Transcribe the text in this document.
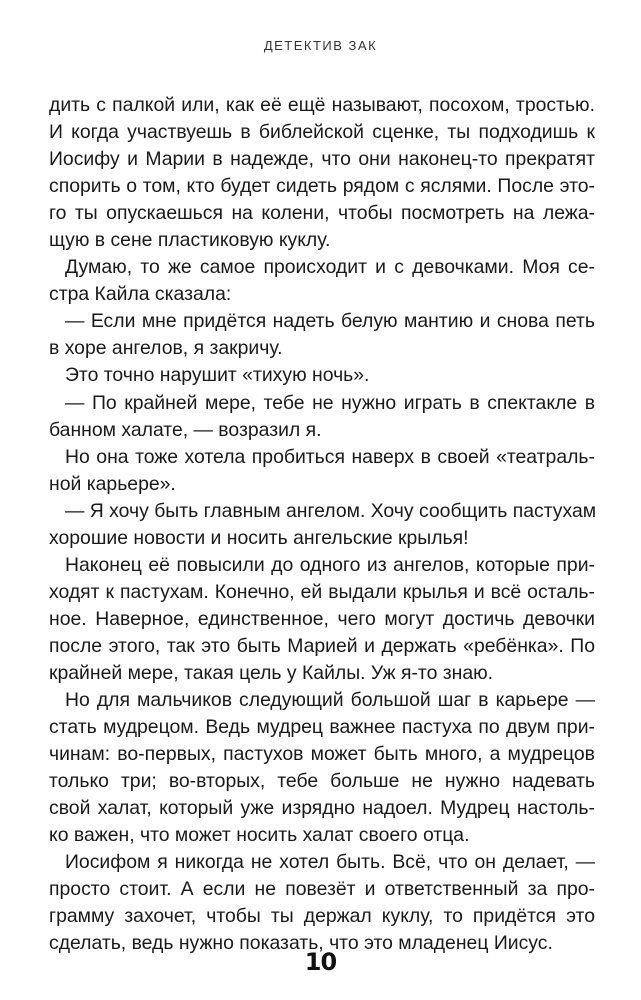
ДЕТЕКТИВ ЗАК
дить с палкой или, как её ещё называют, посохом, тростью.
И когда участвуешь в библейской сценке, ты подходишь к
Иосифу и Марии в надежде, что они наконец-то прекратят
спорить о том, кто будет сидеть рядом с яслями. После это-
го ты опускаешься на колени, чтобы посмотреть на лежа-
щую в сене пластиковую куклу.
Думаю, то же самое происходит и с девочками. Моя се-
стра Кайла сказала:
— Если мне придётся надеть белую мантию и снова петь
в хоре ангелов, я закричу.
Это точно нарушит «тихую ночь».
— По крайней мере, тебе не нужно играть в спектакле в
банном халате, — возразил я.
Но она тоже хотела пробиться наверх в своей «театраль-
ной карьере».
— Я хочу быть главным ангелом. Хочу сообщить пастухам
хорошие новости и носить ангельские крылья!
Наконец её повысили до одного из ангелов, которые при-
ходят к пастухам. Конечно, ей выдали крылья и всё осталь-
ное. Наверное, единственное, чего могут достичь девочки
после этого, так это быть Марией и держать «ребёнка». По
крайней мере, такая цель у Кайлы. Уж я-то знаю.
Но для мальчиков следующий большой шаг в карьере —
стать мудрецом. Ведь мудрец важнее пастуха по двум при-
чинам: во-первых, пастухов может быть много, а мудрецов
только три; во-вторых, тебе больше не нужно надевать
свой халат, который уже изрядно надоел. Мудрец настоль-
ко важен, что может носить халат своего отца.
Иосифом я никогда не хотел быть. Всё, что он делает, —
просто стоит. А если не повезёт и ответственный за про-
грамму захочет, чтобы ты держал куклу, то придётся это
сделать, ведь нужно показать, что это младенец Иисус.
10
